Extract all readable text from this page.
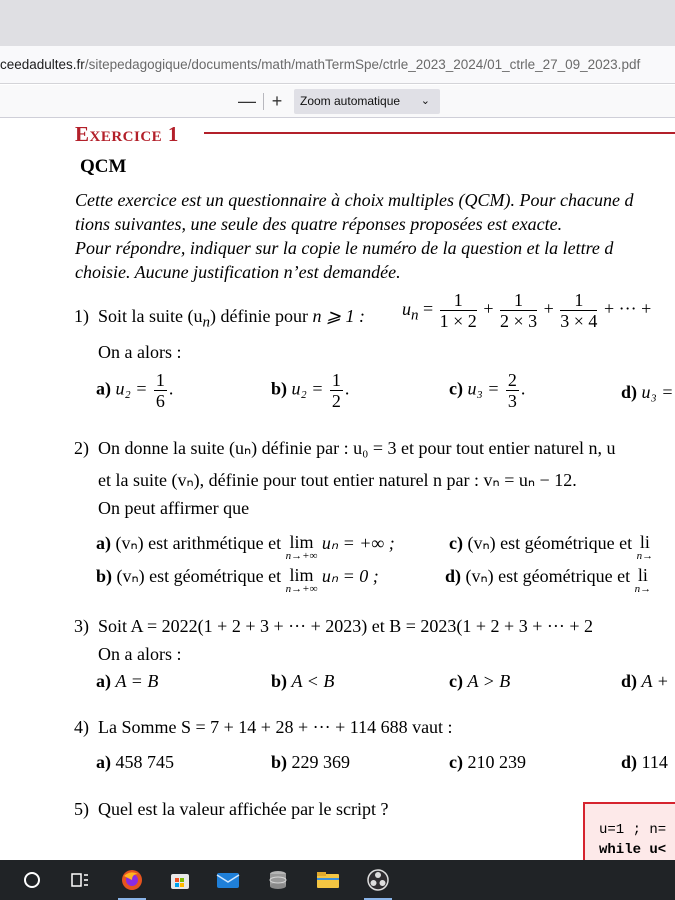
ceedadultes.fr/sitepedagogique/documents/math/mathTermSpe/ctrle_2023_2024/01_ctrle_27_09_2023.pdf
— +	Zoom automatique ⌄
Exercice 1
QCM
Cette exercice est un questionnaire à choix multiples (QCM). Pour chacune d
tions suivantes, une seule des quatre réponses proposées est exacte.
Pour répondre, indiquer sur la copie le numéro de la question et la lettre d
choisie. Aucune justification n’est demandée.
1) Soit la suite $(u_n)$ définie pour n ⩾ 1 : $u_n = \frac{1}{1 \times 2} + \frac{1}{2 \times 3} + \frac{1}{3 \times 4}$ + ··· +
On a alors :
a) $u_2 = \frac{1}{6}$ .	b) $u_2 = \frac{1}{2}$ .	c) $u_3 = \frac{2}{3}$ .	d) u₃ =
2) On donne la suite (uₙ) définie par : u₀ = 3 et pour tout entier naturel n, u
et la suite (vₙ), définie pour tout entier naturel n par : vₙ = uₙ − 12.
On peut affirmer que
a) (vₙ) est arithmétique et lim
n→+∞
uₙ = +∞ ;	c) (vₙ) est géométrique et li
n→
b) (vₙ) est géométrique et lim
n→+∞
uₙ = 0 ;	d) (vₙ) est géométrique et li
n→
3) Soit A = 2022(1 + 2 + 3 + ··· + 2023) et B = 2023(1 + 2 + 3 + ··· + 2
On a alors :
a) A = B	b) A < B	c) A > B	d) A +
4) La Somme S = 7 + 14 + 28 + ··· + 114 688 vaut :
a) 458 745	b) 229 369	c) 210 239	d) 114
5) Quel est la valeur affichée par le script ?
u=1 ; n=
while u<
